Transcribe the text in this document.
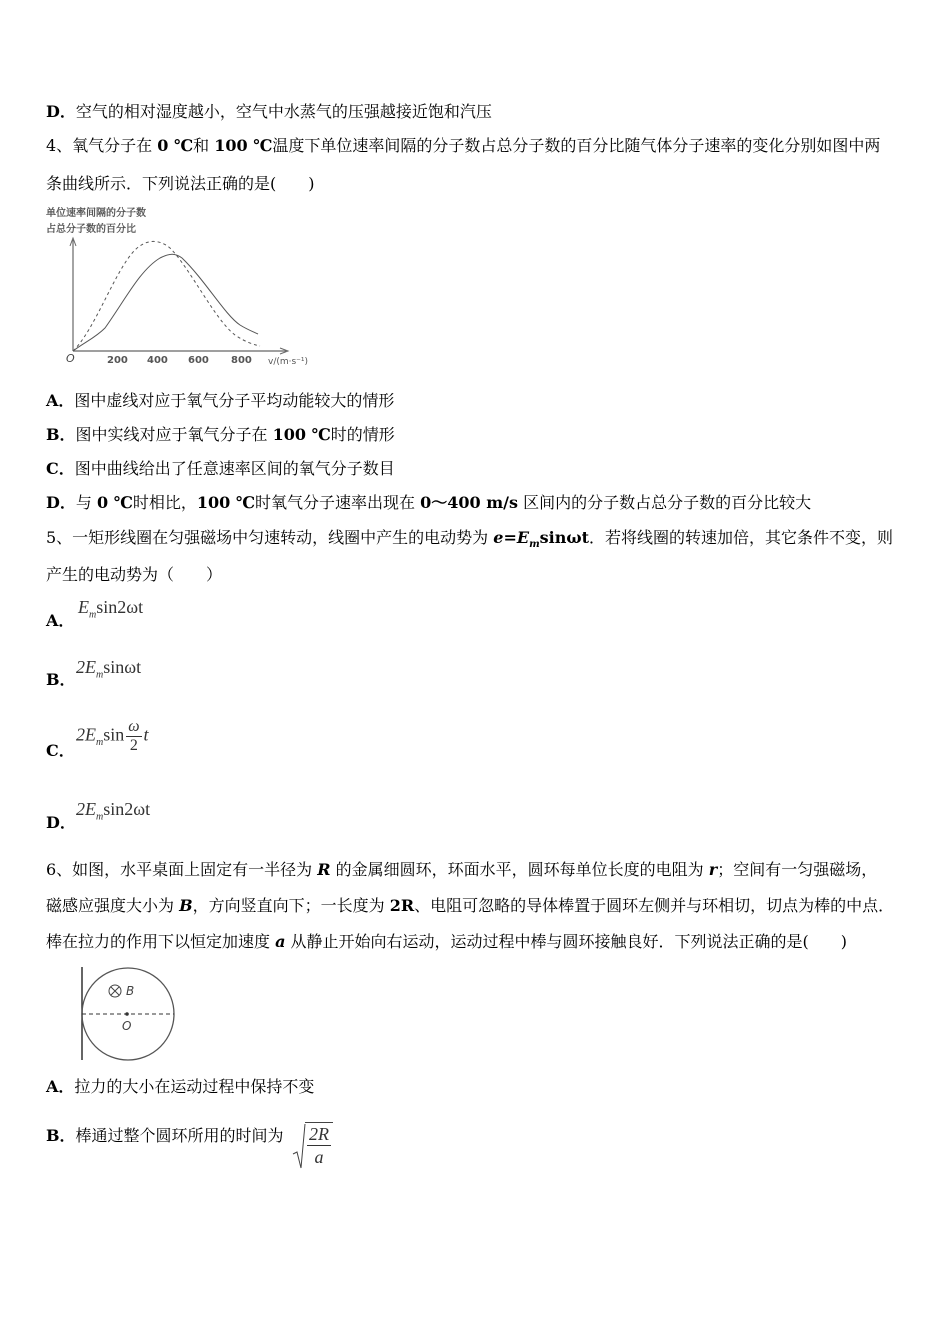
D．空气的相对湿度越小，空气中水蒸气的压强越接近饱和汽压
4、氧气分子在 0 ℃和 100 ℃温度下单位速率间隔的分子数占总分子数的百分比随气体分子速率的变化分别如图中两
条曲线所示．下列说法正确的是(　　)
单位速率间隔的分子数
占总分子数的百分比
O	200 400 600 800 v/(m·s⁻¹)
A．图中虚线对应于氧气分子平均动能较大的情形
B．图中实线对应于氧气分子在 100 ℃时的情形
C．图中曲线给出了任意速率区间的氧气分子数目
D．与 0 ℃时相比，100 ℃时氧气分子速率出现在 0～400 m/s 区间内的分子数占总分子数的百分比较大
5、一矩形线圈在匀强磁场中匀速转动，线圈中产生的电动势为 $e=E_m\sin\omega t$．若将线圈的转速加倍，其它条件不变，则
产生的电动势为（　　）
A．
$E_m\sin 2\omega t$
B．
$2E_m\sin\omega t$
C．
$2E_m\sin \frac{\omega}{2}$ t
D．
$2E_m\sin 2\omega t$
6、如图，水平桌面上固定有一半径为 R 的金属细圆环，环面水平，圆环每单位长度的电阻为 r；空间有一匀强磁场，
磁感应强度大小为 B，方向竖直向下；一长度为 2R、电阻可忽略的导体棒置于圆环左侧并与环相切，切点为棒的中点．
棒在拉力的作用下以恒定加速度 a 从静止开始向右运动，运动过程中棒与圆环接触良好．下列说法正确的是(　　)
B
O
A．拉力的大小在运动过程中保持不变
B．棒通过整个圆环所用的时间为 $\frac{2R}{a}$
